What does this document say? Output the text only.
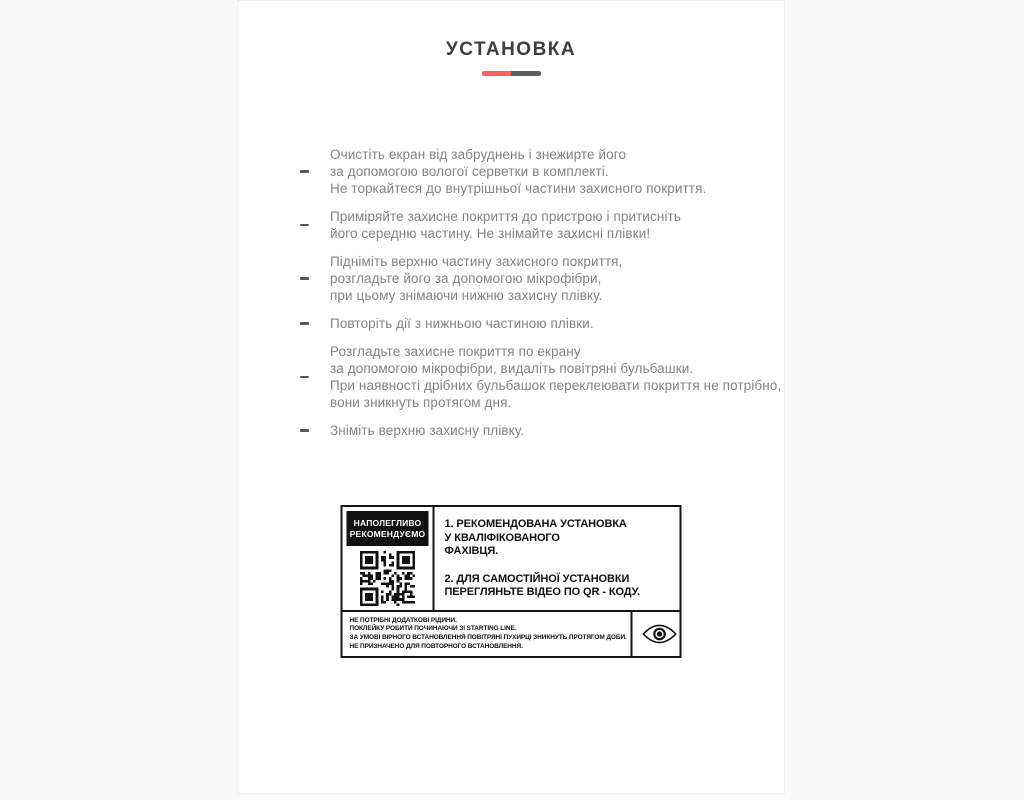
УСТАНОВКА
Очистіть екран від забруднень і знежирте його
за допомогою вологої серветки в комплекті.
Не торкайтеся до внутрішньої частини захисного покриття.
Приміряйте захисне покриття до пристрою і притисніть
його середню частину. Не знімайте захисні плівки!
Підніміть верхню частину захисного покриття,
розгладьте його за допомогою мікрофібри,
при цьому знімаючи нижню захисну плівку.
Повторіть дії з нижньою частиною плівки.
Розгладьте захисне покриття по екрану
за допомогою мікрофібри, видаліть повітряні бульбашки.
При наявності дрібних бульбашок переклеювати покриття не потрібно,
вони зникнуть протягом дня.
Зніміть верхню захисну плівку.
НАПОЛЕГЛИВО
РЕКОМЕНДУЄМО
1. РЕКОМЕНДОВАНА УСТАНОВКА
У КВАЛІФІКОВАНОГО
ФАХІВЦЯ.
2. ДЛЯ САМОСТІЙНОЇ УСТАНОВКИ
ПЕРЕГЛЯНЬТЕ ВІДЕО ПО QR - КОДУ.
НЕ ПОТРІБНІ ДОДАТКОВІ РІДИНИ.
ПОКЛЕЙКУ РОБИТИ ПОЧИНАЮЧИ ЗІ STARTING LINE.
ЗА УМОВІ ВІРНОГО ВСТАНОВЛЕННЯ ПОВІТРЯНІ ПУХИРЦІ ЗНИКНУТЬ ПРОТЯГОМ ДОБИ.
НЕ ПРИЗНАЧЕНО ДЛЯ ПОВТОРНОГО ВСТАНОВЛЕННЯ.
